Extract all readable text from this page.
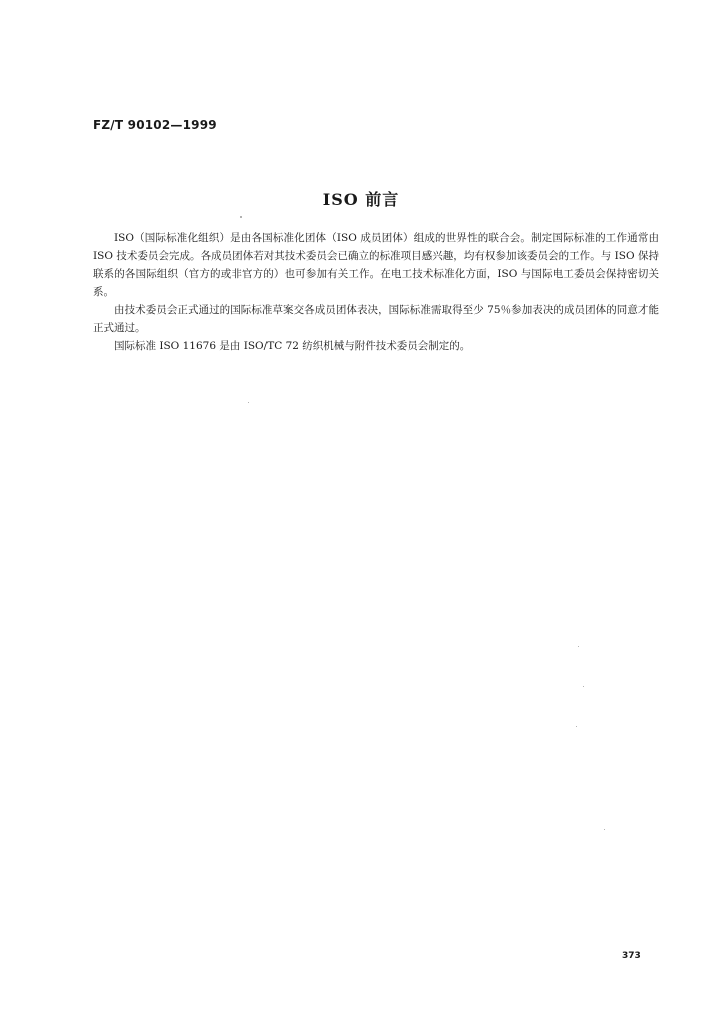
FZ/T 90102—1999
ISO 前言

ISO（国际标准化组织）是由各国标准化团体（ISO 成员团体）组成的世界性的联合会。制定国际标准的工作通常由 ISO 技术委员会完成。各成员团体若对其技术委员会已确立的标准项目感兴趣，均有权参加该委员会的工作。与 ISO 保持联系的各国际组织（官方的或非官方的）也可参加有关工作。在电工技术标准化方面，ISO 与国际电工委员会保持密切关系。

由技术委员会正式通过的国际标准草案交各成员团体表决，国际标准需取得至少 75％参加表决的成员团体的同意才能正式通过。

国际标准 ISO 11676 是由 ISO/TC 72 纺织机械与附件技术委员会制定的。

373
